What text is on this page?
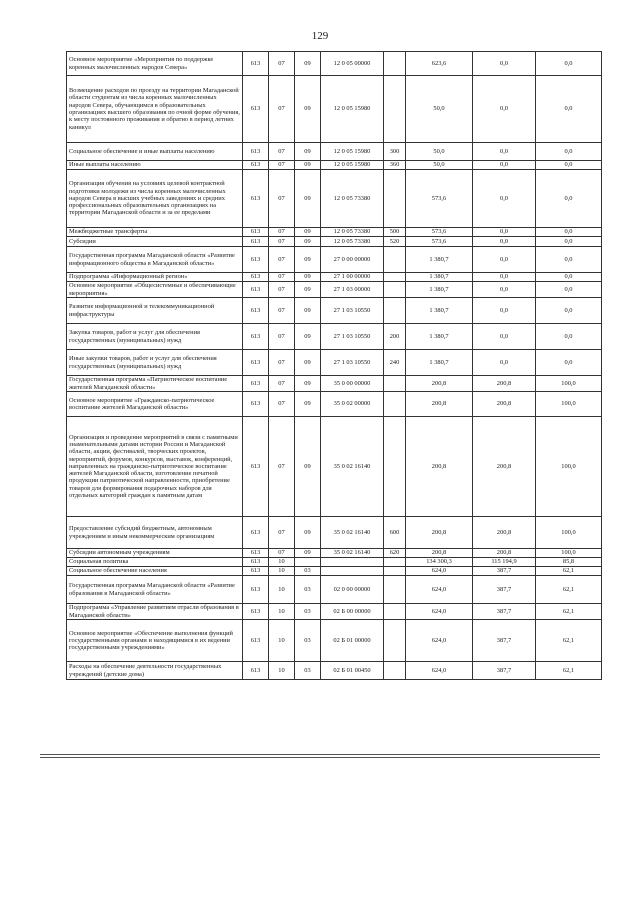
129
Основное мероприятие «Мероприятия по поддержке коренных малочисленных народов Севера»	613	07	09	12 0 05 00000		623,6	0,0	0,0
Возмещение расходов по проезду на территории Магаданской области студентам из числа коренных малочисленных народов Севера, обучающимся в образовательных организациях высшего образования по очной форме обучения, к месту постоянного проживания и обратно в период летних каникул	613	07	09	12 0 05 15980		50,0	0,0	0,0
Социальное обеспечение и иные выплаты населению	613	07	09	12 0 05 15980	300	50,0	0,0	0,0
Иные выплаты населению	613	07	09	12 0 05 15980	360	50,0	0,0	0,0
Организация обучения на условиях целевой контрактной подготовки молодежи из числа коренных малочисленных народов Севера в высших учебных заведениях и средних профессиональных образовательных организациях на территории Магаданской области и за ее пределами	613	07	09	12 0 05 73380		573,6	0,0	0,0
Межбюджетные трансферты	613	07	09	12 0 05 73380	500	573,6	0,0	0,0
Субсидии	613	07	09	12 0 05 73380	520	573,6	0,0	0,0
Государственная программа Магаданской области «Развитие информационного общества в Магаданской области»	613	07	09	27 0 00 00000		1 380,7	0,0	0,0
Подпрограмма «Информационный регион»	613	07	09	27 1 00 00000		1 380,7	0,0	0,0
Основное мероприятие «Общесистемные и обеспечивающие мероприятия»	613	07	09	27 1 03 00000		1 380,7	0,0	0,0
Развитие информационной и телекоммуникационной инфраструктуры	613	07	09	27 1 03 10550		1 380,7	0,0	0,0
Закупка товаров, работ и услуг для обеспечения государственных (муниципальных) нужд	613	07	09	27 1 03 10550	200	1 380,7	0,0	0,0
Иные закупки товаров, работ и услуг для обеспечения государственных (муниципальных) нужд	613	07	09	27 1 03 10550	240	1 380,7	0,0	0,0
Государственная программа «Патриотическое воспитание жителей Магаданской области»	613	07	09	35 0 00 00000		200,8	200,8	100,0
Основное мероприятие «Гражданско-патриотическое воспитание жителей Магаданской области»	613	07	09	35 0 02 00000		200,8	200,8	100,0
Организация и проведение мероприятий в связи с памятными знаменательными датами истории России и Магаданской области, акции, фестивалей, творческих проектов, мероприятий, форумов, конкурсов, выставок, конференций, направленных на гражданско-патриотическое воспитание жителей Магаданской области, изготовление печатной продукции патриотической направленности, приобретение товаров для формирования подарочных наборов для отдельных категорий граждан к памятным датам	613	07	09	35 0 02 16140		200,8	200,8	100,0
Предоставление субсидий бюджетным, автономным учреждениям и иным некоммерческим организациям	613	07	09	35 0 02 16140	600	200,8	200,8	100,0
Субсидии автономным учреждениям	613	07	09	35 0 02 16140	620	200,8	200,8	100,0
Социальная политика	613	10				134 300,3	115 194,9	85,8
Социальное обеспечение населения	613	10	03			624,0	387,7	62,1
Государственная программа Магаданской области «Развитие образования в Магаданской области»	613	10	03	02 0 00 00000		624,0	387,7	62,1
Подпрограмма «Управление развитием отрасли образования в Магаданской области»	613	10	03	02 Б 00 00000		624,0	387,7	62,1
Основное мероприятие «Обеспечение выполнения функций государственными органами и находящимися в их ведении государственными учреждениями»	613	10	03	02 Б 01 00000		624,0	387,7	62,1
Расходы на обеспечение деятельности государственных учреждений (детские дома)	613	10	03	02 Б 01 00450		624,0	387,7	62,1
